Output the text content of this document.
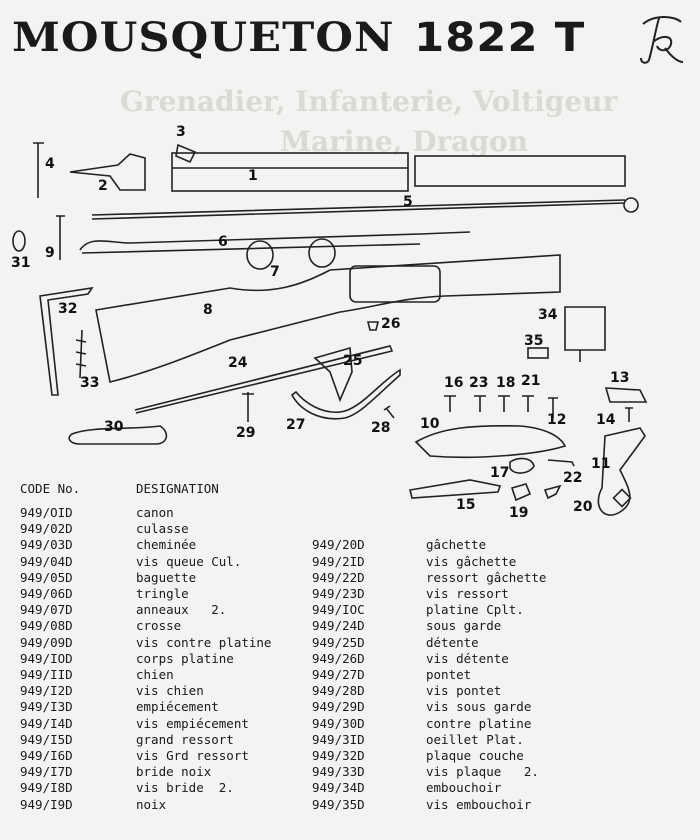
Grenadier, Infanterie, Voltigeur
Marine, Dragon
MOUSQUETON 1822 T
1
2
3
4
5
6
7
8
9
10
11
12
13
14
15
16
17
18
19	20
21
22
23
24	25
26
27	28
29
30
31
32
33
34
35
CODE No.	DESIGNATION
949/OID	canon
949/02D	culasse
949/03D	cheminée
949/04D	vis queue Cul.
949/05D	baguette
949/06D	tringle
949/07D	anneaux   2.
949/08D	crosse
949/09D	vis contre platine
949/IOD	corps platine
949/IID	chien
949/I2D	vis chien
949/I3D	empiécement
949/I4D	vis empiécement
949/I5D	grand ressort
949/I6D	vis Grd ressort
949/I7D	bride noix
949/I8D	vis bride  2.
949/I9D	noix
949/20D	gâchette
949/2ID	vis gâchette
949/22D	ressort gâchette
949/23D	vis ressort
949/IOC	platine Cplt.
949/24D	sous garde
949/25D	détente
949/26D	vis détente
949/27D	pontet
949/28D	vis pontet
949/29D	vis sous garde
949/30D	contre platine
949/3ID	oeillet Plat.
949/32D	plaque couche
949/33D	vis plaque   2.
949/34D	embouchoir
949/35D	vis embouchoir
